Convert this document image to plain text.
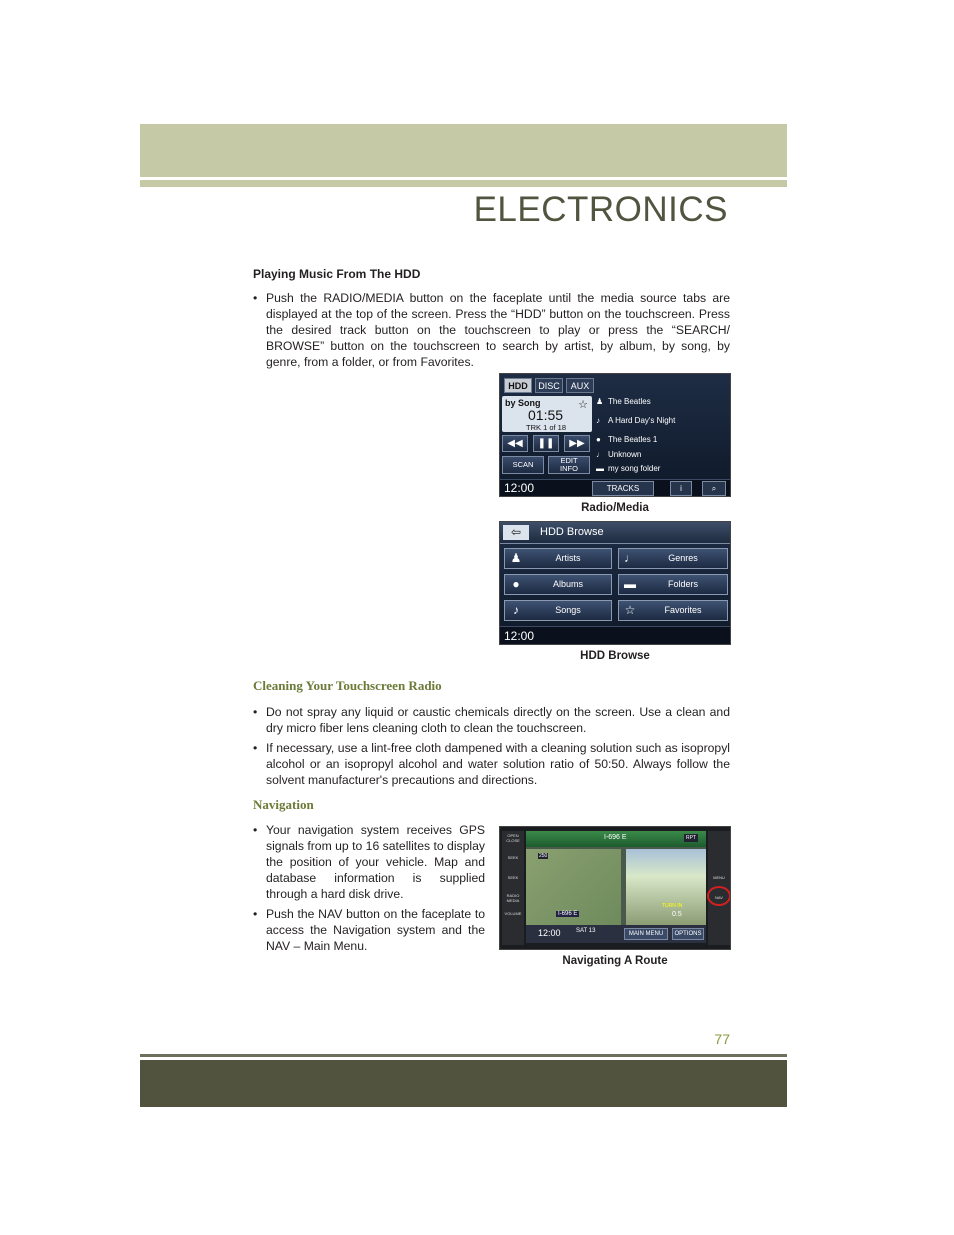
ELECTRONICS
Playing Music From The HDD
• Push the RADIO/MEDIA button on the faceplate until the media source tabs are displayed at the top of the screen. Press the “HDD” button on the touchscreen. Press the desired track button on the touchscreen to play or press the “SEARCH/ BROWSE” button on the touchscreen to search by artist, by album, by song, by genre, from a folder, or from Favorites.
HDD	DISC	AUX
by Song
01:55
TRK 1 of 18
☆
◀◀	❚❚	▶▶
SCAN	EDIT
INFO
♟ The Beatles
♪ A Hard Day's Night
● The Beatles 1
♩ Unknown
▬ my song folder
12:00	TRACKS	i	⌕
Radio/Media
⇦	HDD Browse
♟	Artists	♩	Genres
●	Albums	▬	Folders
♪	Songs	☆	Favorites
12:00
HDD Browse
Cleaning Your Touchscreen Radio
• Do not spray any liquid or caustic chemicals directly on the screen. Use a clean and dry micro fiber lens cleaning cloth to clean the touchscreen.
• If necessary, use a lint-free cloth dampened with a cleaning solution such as isopropyl alcohol or an isopropyl alcohol and water solution ratio of 50:50. Always follow the solvent manufacturer's precautions and directions.
Navigation
• Your navigation system receives GPS signals from up to 16 satellites to display the position of your vehicle. Map and database information is supplied through a hard disk drive.
• Push the NAV button on the faceplate to access the Navigation system and the NAV – Main Menu.
OPEN CLOSE
SEEK
SEEK
RADIO MEDIA
VOLUME
I-696 E	RPT
250
I-696 E
TURN IN
0.5
12:00	SAT 13	MAIN MENU	OPTIONS
MENU
NAV
Navigating A Route
77
